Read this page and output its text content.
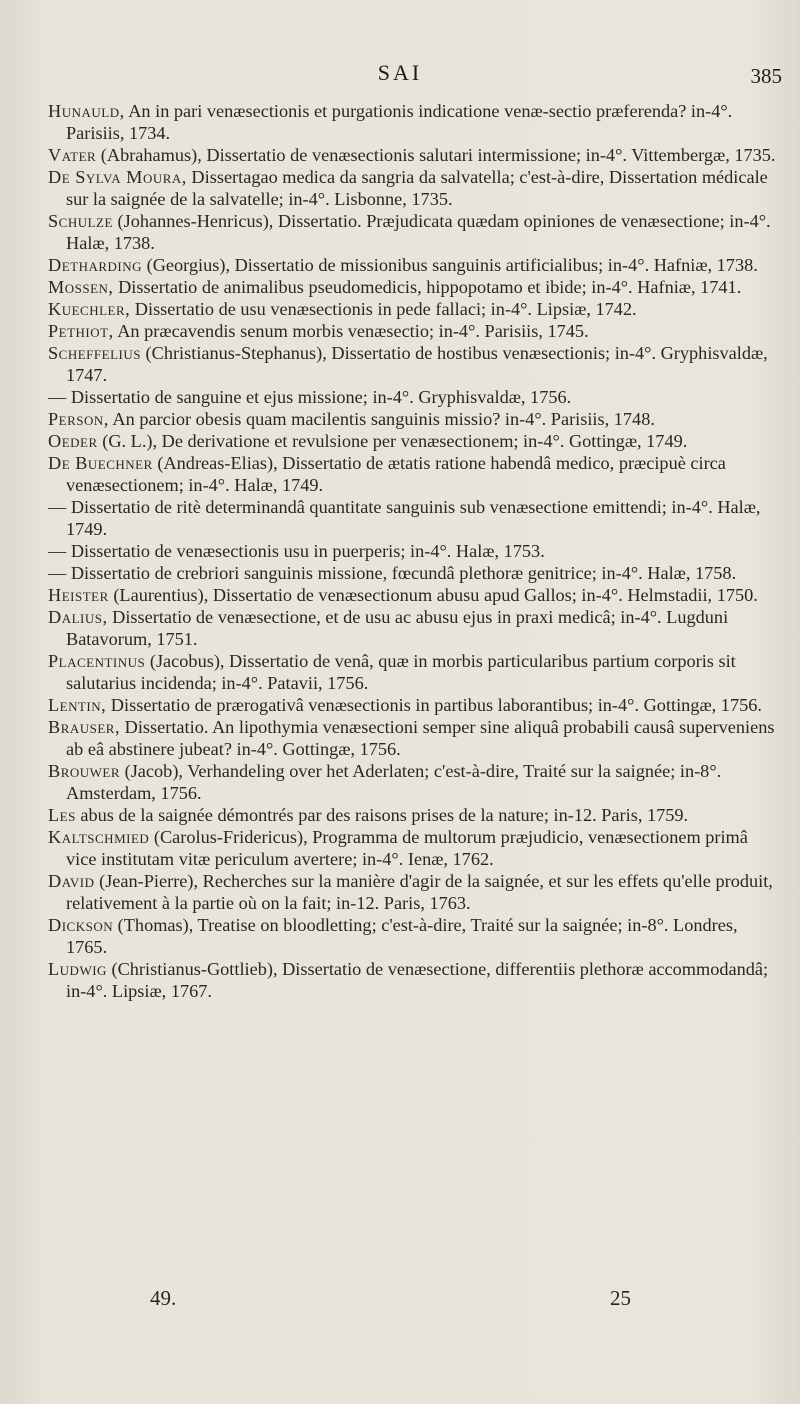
SAI	385

Hunauld, An in pari venæsectionis et purgationis indicatione venæ-sectio præferenda? in-4°. Parisiis, 1734.

Vater (Abrahamus), Dissertatio de venæsectionis salutari intermissione; in-4°. Vittembergæ, 1735.

De Sylva Moura, Dissertagao medica da sangria da salvatella; c'est-à-dire, Dissertation médicale sur la saignée de la salvatelle; in-4°. Lisbonne, 1735.

Schulze (Johannes-Henricus), Dissertatio. Præjudicata quædam opiniones de venæsectione; in-4°. Halæ, 1738.

Detharding (Georgius), Dissertatio de missionibus sanguinis artificialibus; in-4°. Hafniæ, 1738.

Mossen, Dissertatio de animalibus pseudomedicis, hippopotamo et ibide; in-4°. Hafniæ, 1741.

Kuechler, Dissertatio de usu venæsectionis in pede fallaci; in-4°. Lipsiæ, 1742.

Pethiot, An præcavendis senum morbis venæsectio; in-4°. Parisiis, 1745.

Scheffelius (Christianus-Stephanus), Dissertatio de hostibus venæsectionis; in-4°. Gryphisvaldæ, 1747.

— Dissertatio de sanguine et ejus missione; in-4°. Gryphisvaldæ, 1756.

Person, An parcior obesis quam macilentis sanguinis missio? in-4°. Parisiis, 1748.

Oeder (G. L.), De derivatione et revulsione per venæsectionem; in-4°. Gottingæ, 1749.

De Buechner (Andreas-Elias), Dissertatio de ætatis ratione habendâ medico, præcipuè circa venæsectionem; in-4°. Halæ, 1749.

— Dissertatio de ritè determinandâ quantitate sanguinis sub venæsectione emittendi; in-4°. Halæ, 1749.

— Dissertatio de venæsectionis usu in puerperis; in-4°. Halæ, 1753.

— Dissertatio de crebriori sanguinis missione, fœcundâ plethoræ genitrice; in-4°. Halæ, 1758.

Heister (Laurentius), Dissertatio de venæsectionum abusu apud Gallos; in-4°. Helmstadii, 1750.

Dalius, Dissertatio de venæsectione, et de usu ac abusu ejus in praxi medicâ; in-4°. Lugduni Batavorum, 1751.

Placentinus (Jacobus), Dissertatio de venâ, quæ in morbis particularibus partium corporis sit salutarius incidenda; in-4°. Patavii, 1756.

Lentin, Dissertatio de prærogativâ venæsectionis in partibus laborantibus; in-4°. Gottingæ, 1756.

Brauser, Dissertatio. An lipothymia venæsectioni semper sine aliquâ probabili causâ superveniens ab eâ abstinere jubeat? in-4°. Gottingæ, 1756.

Brouwer (Jacob), Verhandeling over het Aderlaten; c'est-à-dire, Traité sur la saignée; in-8°. Amsterdam, 1756.

Les abus de la saignée démontrés par des raisons prises de la nature; in-12. Paris, 1759.

Kaltschmied (Carolus-Fridericus), Programma de multorum præjudicio, venæsectionem primâ vice institutam vitæ periculum avertere; in-4°. Ienæ, 1762.

David (Jean-Pierre), Recherches sur la manière d'agir de la saignée, et sur les effets qu'elle produit, relativement à la partie où on la fait; in-12. Paris, 1763.

Dickson (Thomas), Treatise on bloodletting; c'est-à-dire, Traité sur la saignée; in-8°. Londres, 1765.

Ludwig (Christianus-Gottlieb), Dissertatio de venæsectione, differentiis plethoræ accommodandâ; in-4°. Lipsiæ, 1767.

49.	25
